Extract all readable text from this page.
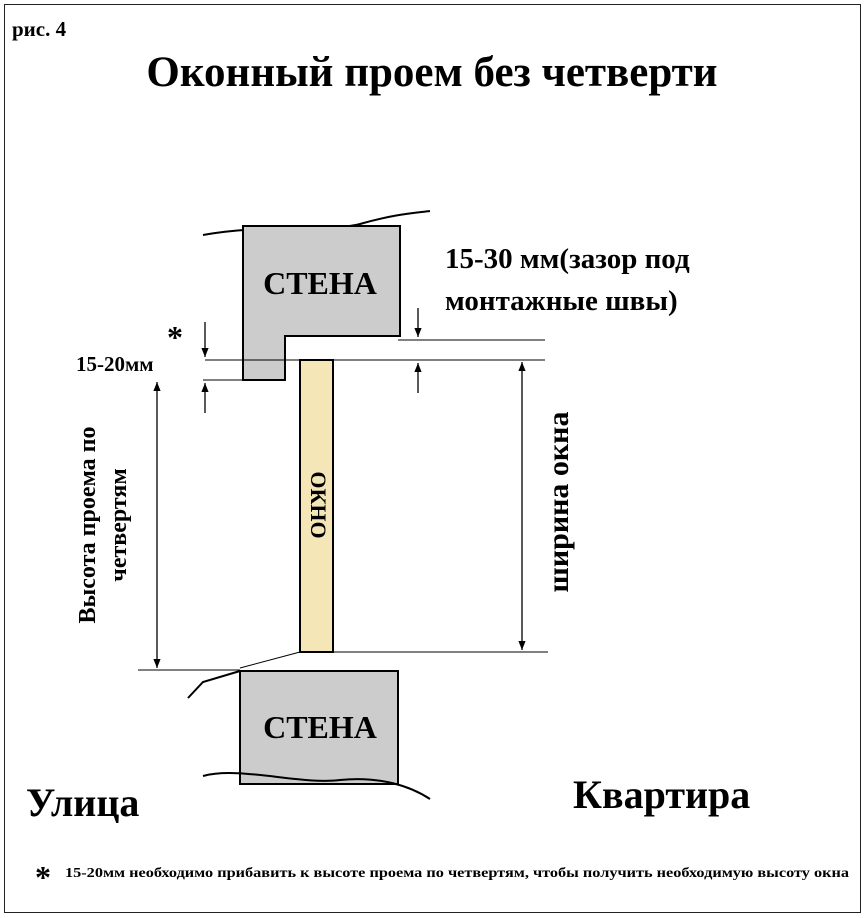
рис. 4
Оконный проем без четверти
СТЕНА
ОКНО
СТЕНА
*
15-20мм
15-30 мм(зазор под
монтажные швы)
Высота проема по четвертям	ширина окна
Улица	Квартира
* 15-20мм необходимо прибавить к высоте проема по четвертям, чтобы получить необходимую высоту окна
